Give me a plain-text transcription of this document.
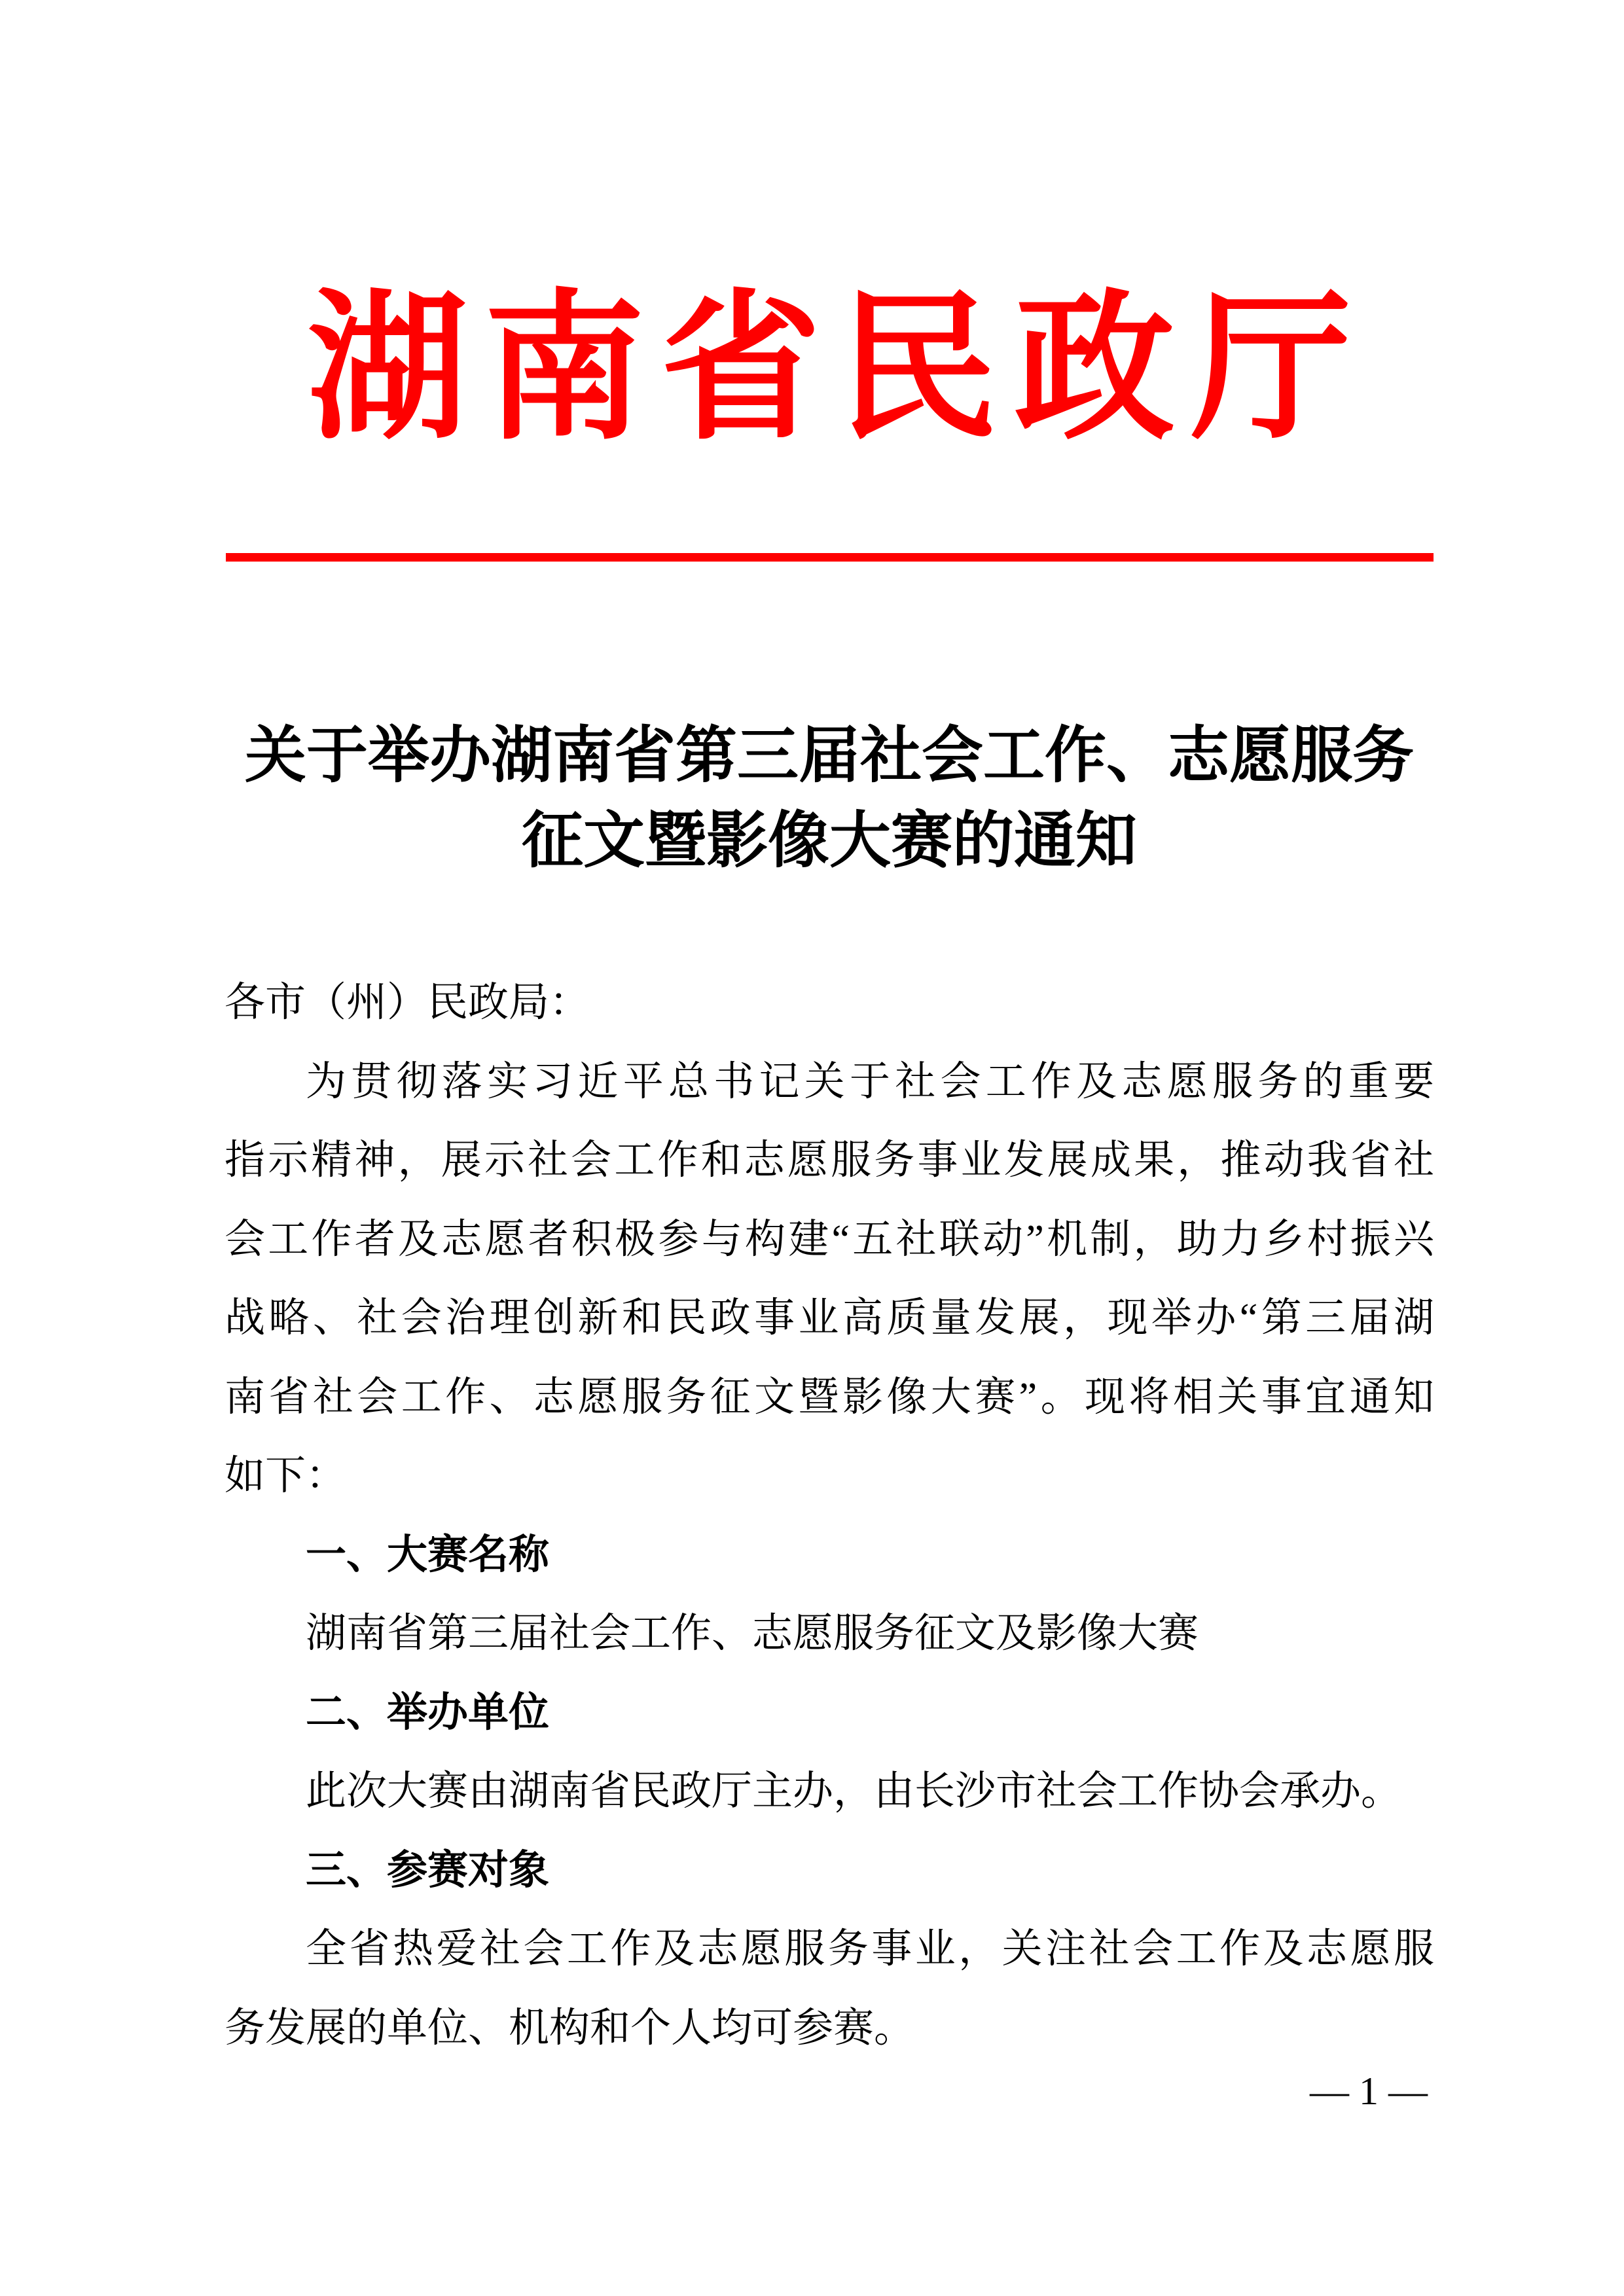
湖南省民政厅
关于举办湖南省第三届社会工作、志愿服务
征文暨影像大赛的通知
各市（州）民政局：
为贯彻落实习近平总书记关于社会工作及志愿服务的重要
指示精神，展示社会工作和志愿服务事业发展成果，推动我省社
会工作者及志愿者积极参与构建“五社联动”机制，助力乡村振兴
战略、社会治理创新和民政事业高质量发展，现举办“第三届湖
南省社会工作、志愿服务征文暨影像大赛”。现将相关事宜通知
如下：
一、大赛名称
湖南省第三届社会工作、志愿服务征文及影像大赛
二、举办单位
此次大赛由湖南省民政厅主办，由长沙市社会工作协会承办。
三、参赛对象
全省热爱社会工作及志愿服务事业，关注社会工作及志愿服
务发展的单位、机构和个人均可参赛。
— 1 —
